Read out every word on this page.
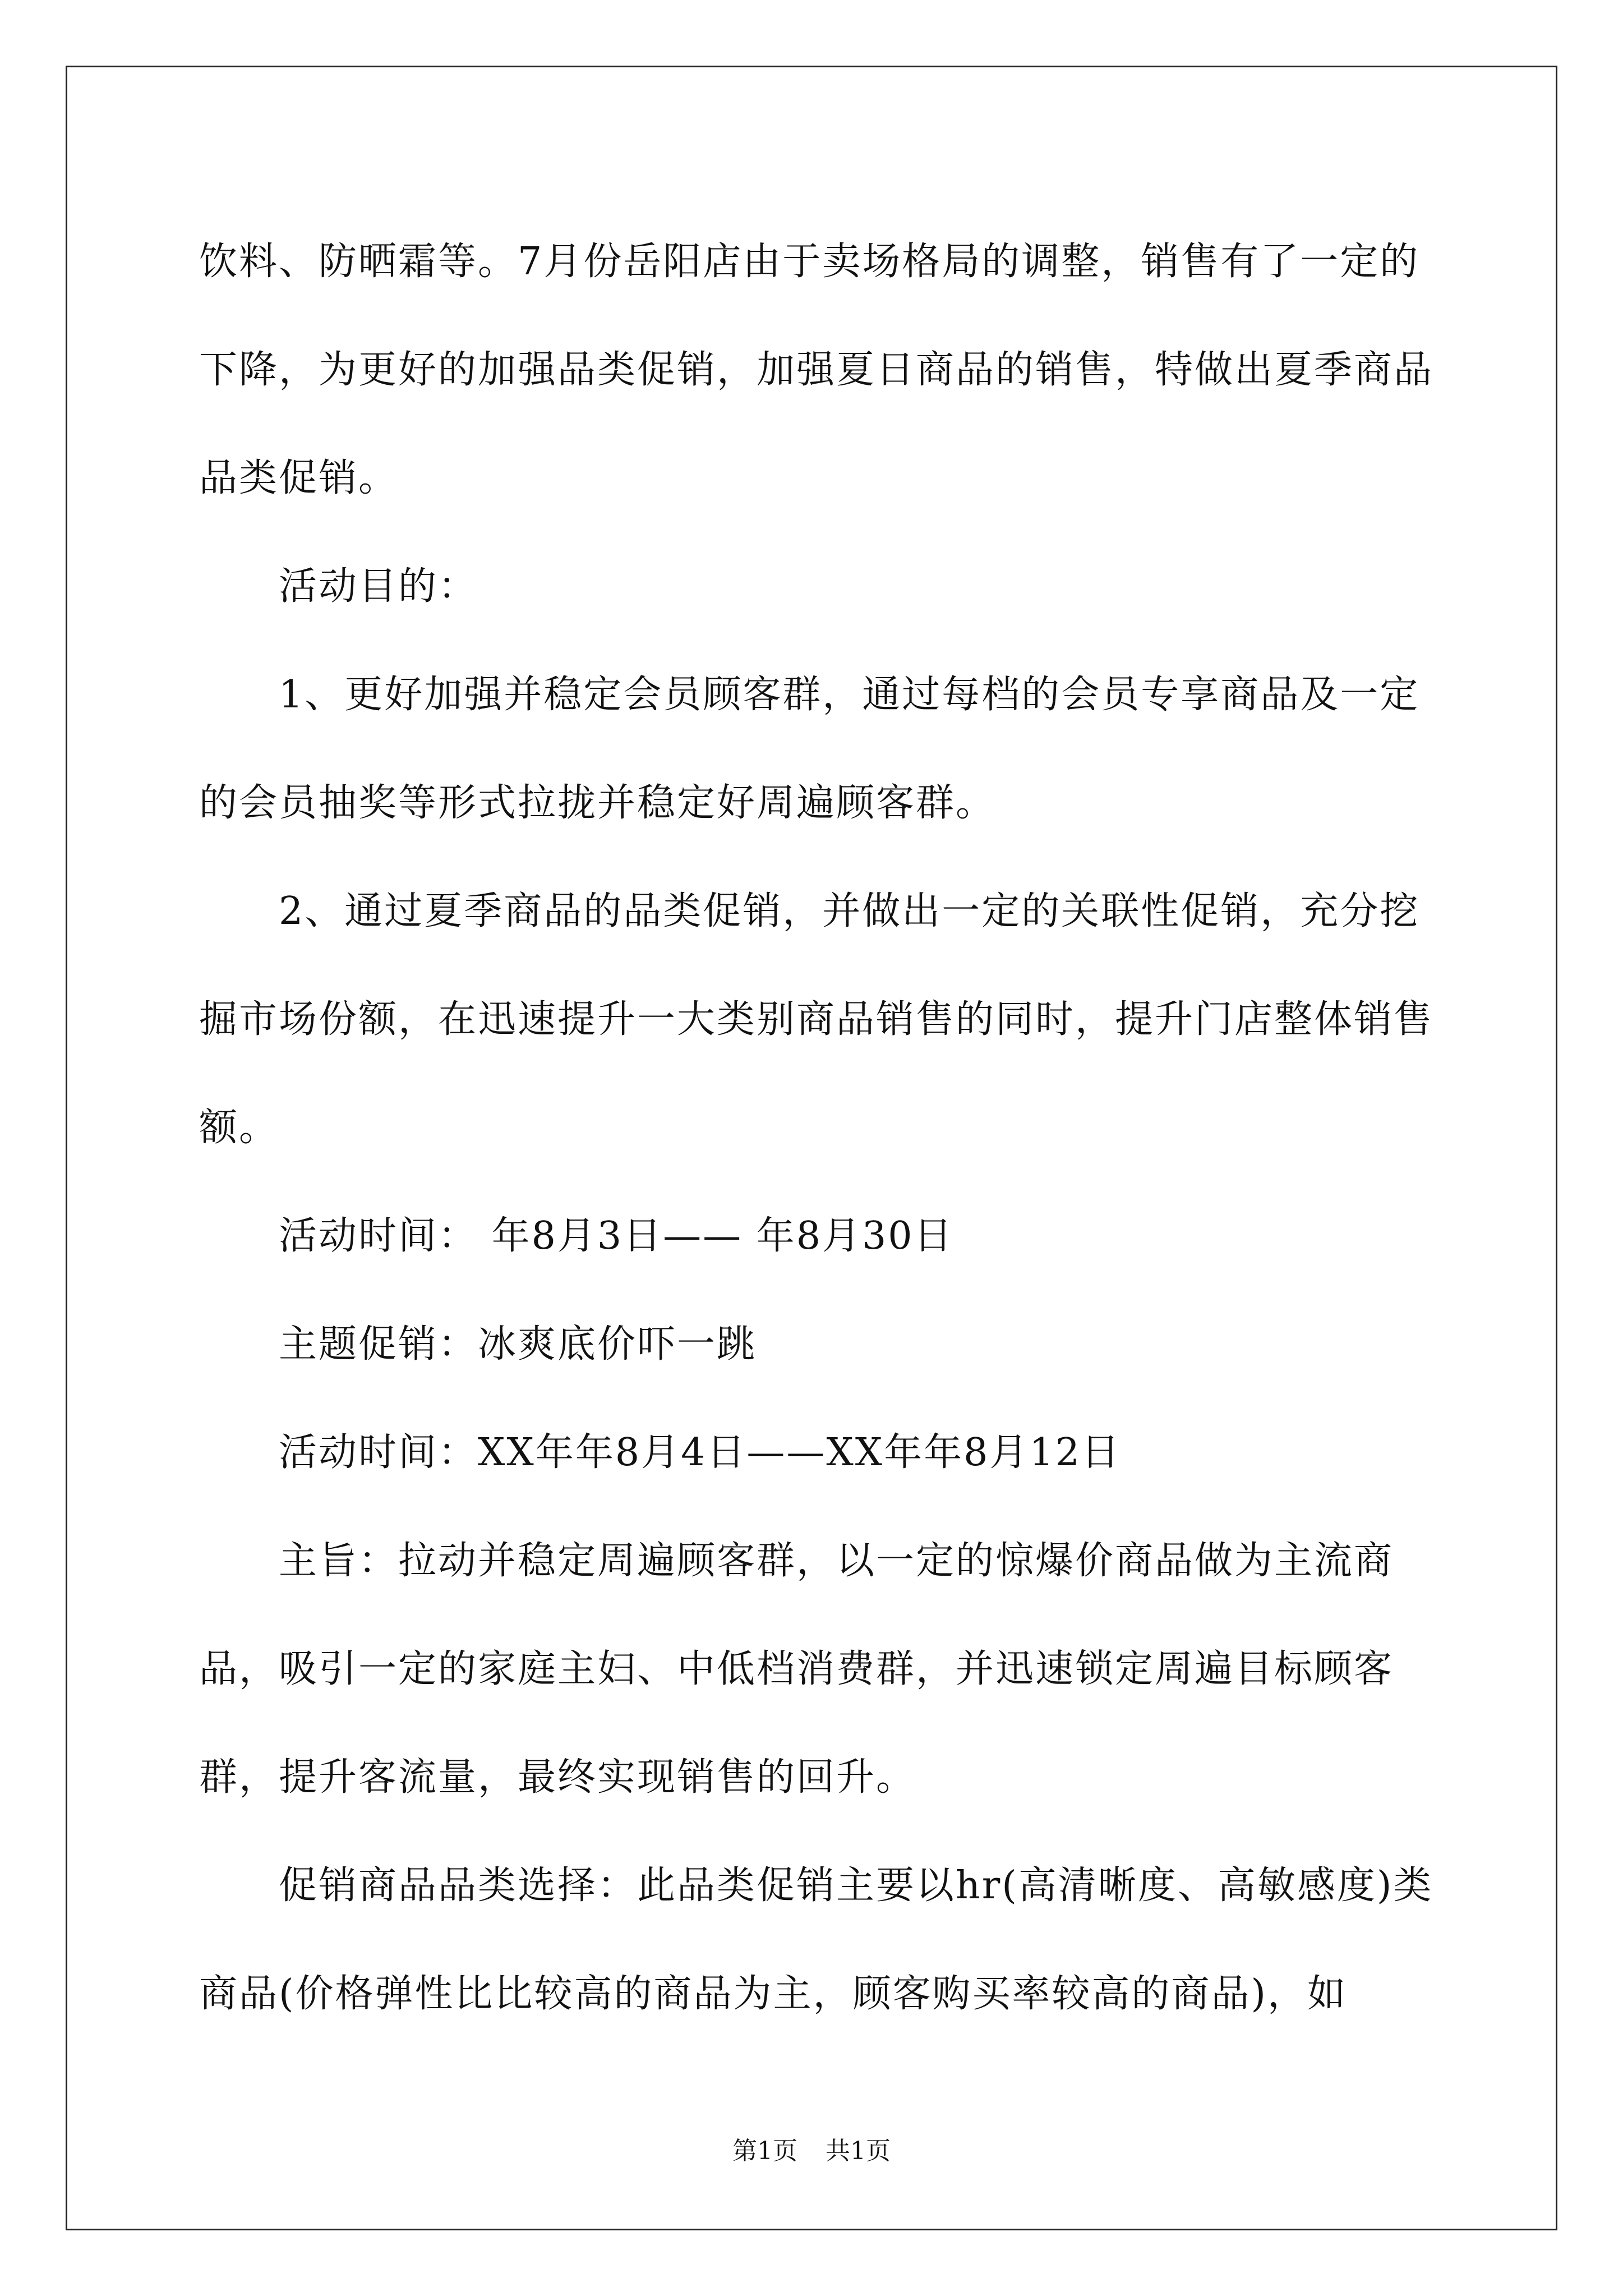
饮料、防晒霜等。7月份岳阳店由于卖场格局的调整，销售有了一定的下降，为更好的加强品类促销，加强夏日商品的销售，特做出夏季商品品类促销。

活动目的：

1、更好加强并稳定会员顾客群，通过每档的会员专享商品及一定的会员抽奖等形式拉拢并稳定好周遍顾客群。

2、通过夏季商品的品类促销，并做出一定的关联性促销，充分挖掘市场份额，在迅速提升一大类别商品销售的同时，提升门店整体销售额。

活动时间： 年8月3日—— 年8月30日

主题促销：冰爽底价吓一跳

活动时间：XX年年8月4日——XX年年8月12日

主旨：拉动并稳定周遍顾客群，以一定的惊爆价商品做为主流商品，吸引一定的家庭主妇、中低档消费群，并迅速锁定周遍目标顾客群，提升客流量，最终实现销售的回升。

促销商品品类选择：此品类促销主要以hr(高清晰度、高敏感度)类商品(价格弹性比比较高的商品为主，顾客购买率较高的商品)，如

第1页 共1页
